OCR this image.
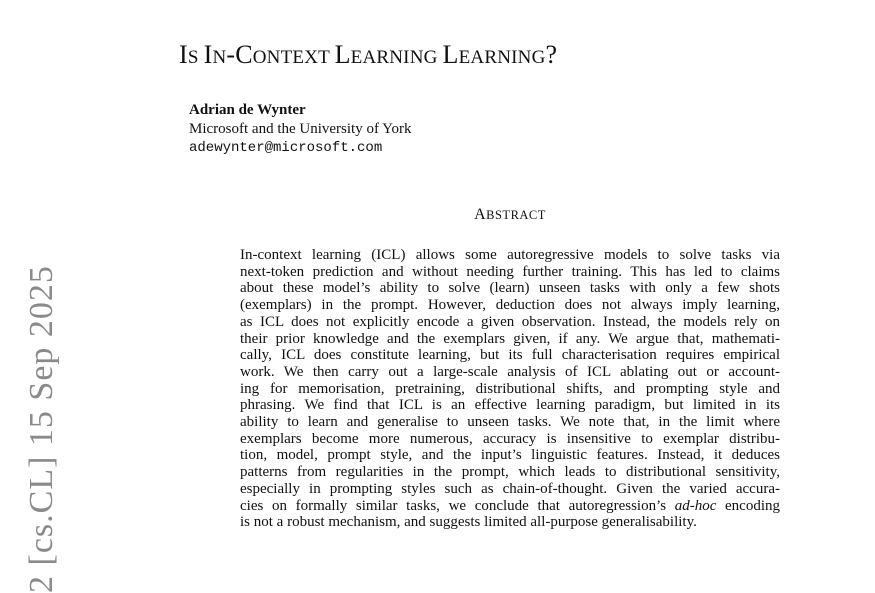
IS IN-CONTEXT LEARNING LEARNING?
Adrian de Wynter
Microsoft and the University of York
adewynter@microsoft.com
ABSTRACT
In-context learning (ICL) allows some autoregressive models to solve tasks via
next-token prediction and without needing further training. This has led to claims
about these model’s ability to solve (learn) unseen tasks with only a few shots
(exemplars) in the prompt. However, deduction does not always imply learning,
as ICL does not explicitly encode a given observation. Instead, the models rely on
their prior knowledge and the exemplars given, if any. We argue that, mathemati-
cally, ICL does constitute learning, but its full characterisation requires empirical
work. We then carry out a large-scale analysis of ICL ablating out or account-
ing for memorisation, pretraining, distributional shifts, and prompting style and
phrasing. We find that ICL is an effective learning paradigm, but limited in its
ability to learn and generalise to unseen tasks. We note that, in the limit where
exemplars become more numerous, accuracy is insensitive to exemplar distribu-
tion, model, prompt style, and the input’s linguistic features. Instead, it deduces
patterns from regularities in the prompt, which leads to distributional sensitivity,
especially in prompting styles such as chain-of-thought. Given the varied accura-
cies on formally similar tasks, we conclude that autoregression’s ad-hoc encoding
is not a robust mechanism, and suggests limited all-purpose generalisability.
2 [cs.CL] 15 Sep 2025
